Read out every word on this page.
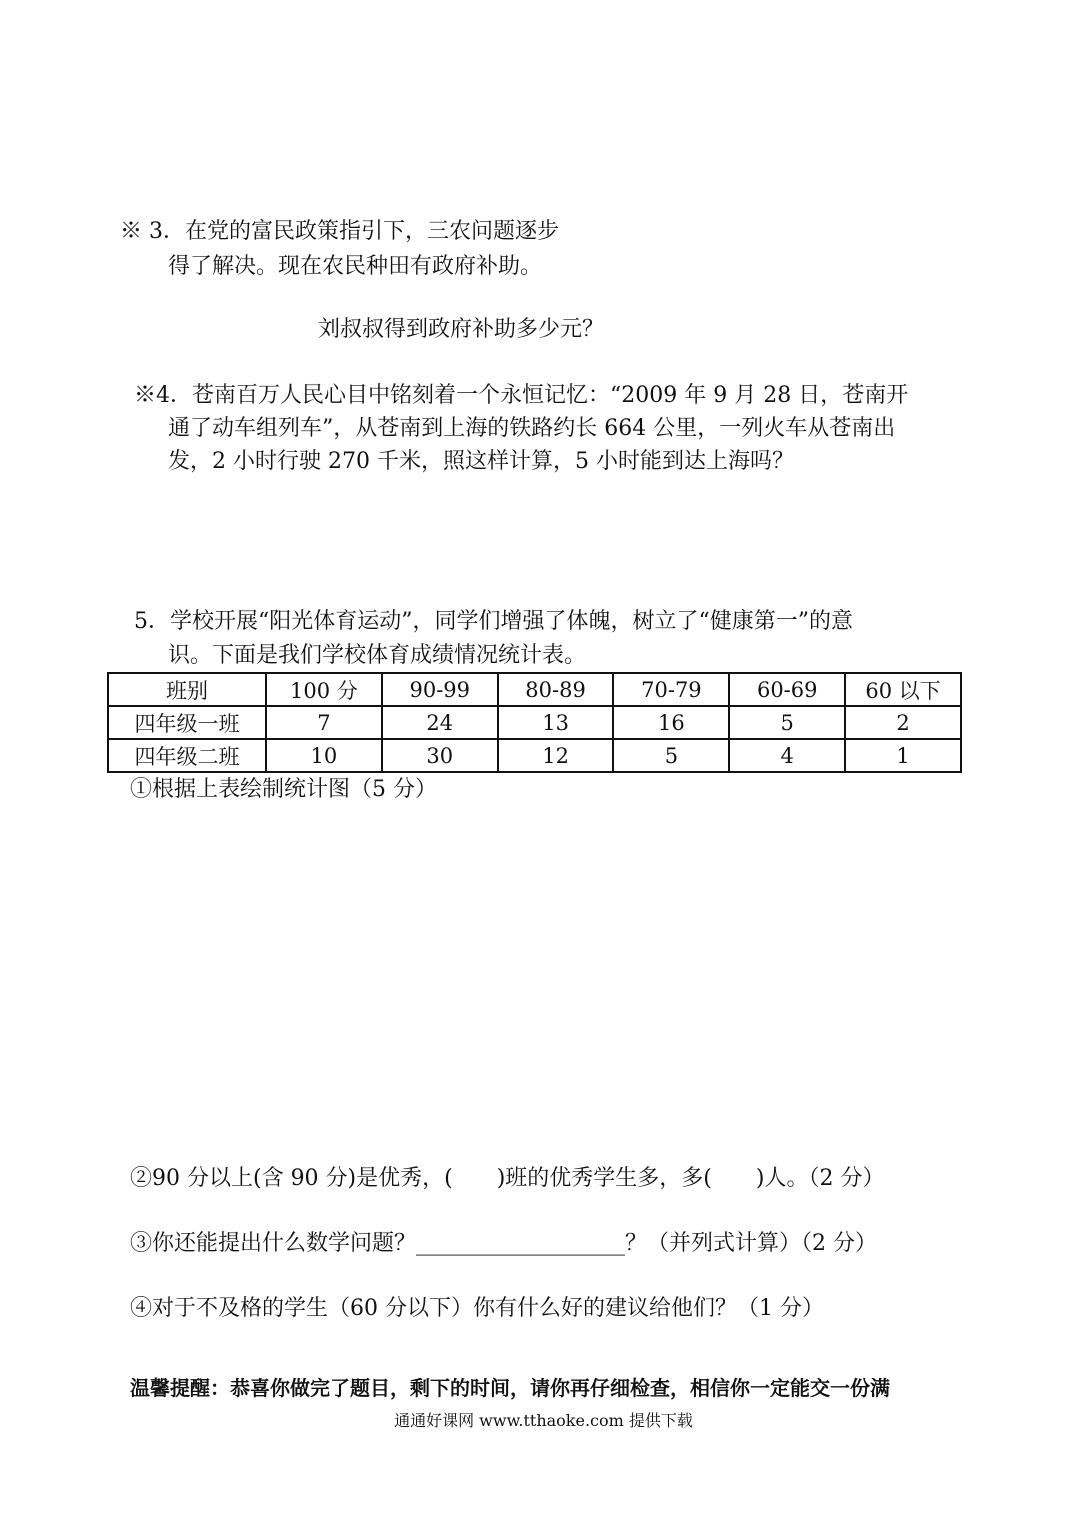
※ 3．在党的富民政策指引下，三农问题逐步
得了解决。现在农民种田有政府补助。
刘叔叔得到政府补助多少元？
※4．苍南百万人民心目中铭刻着一个永恒记忆：“2009 年 9 月 28 日，苍南开
通了动车组列车”，从苍南到上海的铁路约长 664 公里，一列火车从苍南出
发，2 小时行驶 270 千米，照这样计算，5 小时能到达上海吗？
5．学校开展“阳光体育运动”，同学们增强了体魄，树立了“健康第一”的意
识。下面是我们学校体育成绩情况统计表。
班别	100 分	90-99	80-89	70-79	60-69	60 以下
四年级一班	7	24	13	16	5	2
四年级二班	10	30	12	5	4	1
①根据上表绘制统计图（5 分）
②90 分以上(含 90 分)是优秀，(　　)班的优秀学生多，多(　　)人。（2 分）
③你还能提出什么数学问题？___________________？（并列式计算）（2 分）
④对于不及格的学生（60 分以下）你有什么好的建议给他们？（1 分）
温馨提醒：恭喜你做完了题目，剩下的时间，请你再仔细检查，相信你一定能交一份满
通通好课网 www.tthaoke.com 提供下载
